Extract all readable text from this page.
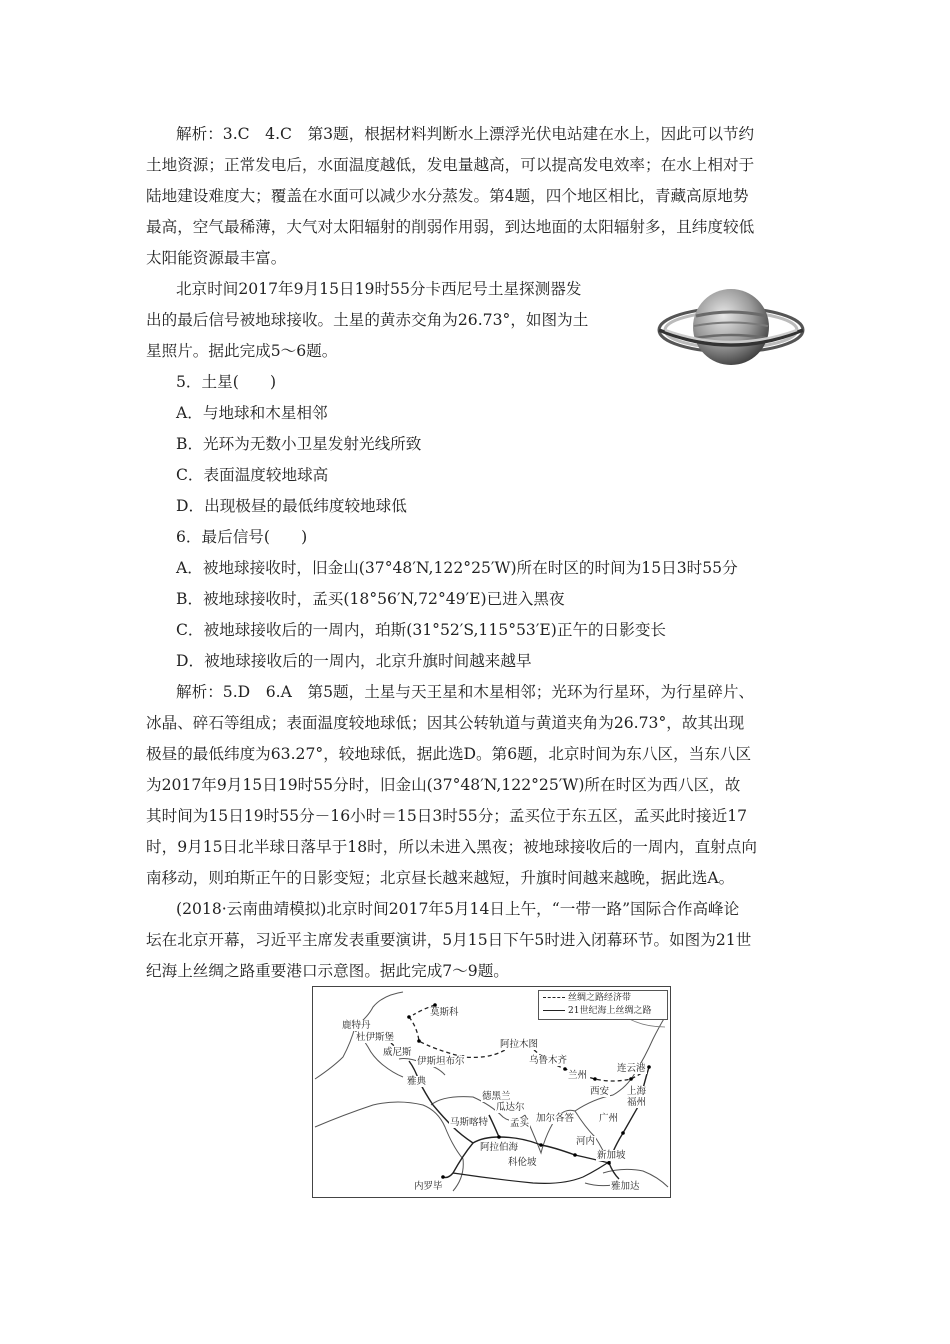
解析：3.C　4.C　第3题，根据材料判断水上漂浮光伏电站建在水上，因此可以节约
土地资源；正常发电后，水面温度越低，发电量越高，可以提高发电效率；在水上相对于
陆地建设难度大；覆盖在水面可以减少水分蒸发。第4题，四个地区相比，青藏高原地势
最高，空气最稀薄，大气对太阳辐射的削弱作用弱，到达地面的太阳辐射多，且纬度较低
太阳能资源最丰富。
北京时间2017年9月15日19时55分卡西尼号土星探测器发
出的最后信号被地球接收。土星的黄赤交角为26.73°，如图为土
星照片。据此完成5～6题。
5．土星(　　)
A．与地球和木星相邻
B．光环为无数小卫星发射光线所致
C．表面温度较地球高
D．出现极昼的最低纬度较地球低
6．最后信号(　　)
A．被地球接收时，旧金山(37°48′N,122°25′W)所在时区的时间为15日3时55分
B．被地球接收时，孟买(18°56′N,72°49′E)已进入黑夜
C．被地球接收后的一周内，珀斯(31°52′S,115°53′E)正午的日影变长
D．被地球接收后的一周内，北京升旗时间越来越早
解析：5.D　6.A　第5题，土星与天王星和木星相邻；光环为行星环，为行星碎片、
冰晶、碎石等组成；表面温度较地球低；因其公转轨道与黄道夹角为26.73°，故其出现
极昼的最低纬度为63.27°，较地球低，据此选D。第6题，北京时间为东八区，当东八区
为2017年9月15日19时55分时，旧金山(37°48′N,122°25′W)所在时区为西八区，故
其时间为15日19时55分－16小时＝15日3时55分；孟买位于东五区，孟买此时接近17
时，9月15日北半球日落早于18时，所以未进入黑夜；被地球接收后的一周内，直射点向
南移动，则珀斯正午的日影变短；北京昼长越来越短，升旗时间越来越晚，据此选A。
(2018·云南曲靖模拟)北京时间2017年5月14日上午，“一带一路”国际合作高峰论
坛在北京开幕，习近平主席发表重要演讲，5月15日下午5时进入闭幕环节。如图为21世
纪海上丝绸之路重要港口示意图。据此完成7～9题。
丝绸之路经济带
21世纪海上丝绸之路
莫斯科
鹿特丹
杜伊斯堡
威尼斯
伊斯坦布尔
阿拉木图
雅典
乌鲁木齐
兰州
连云港
西安 上海
福州
德黑兰
瓜达尔
加尔各答	广州
马斯喀特 孟买
河内
阿拉伯海
科伦坡
新加坡
内罗毕	雅加达
